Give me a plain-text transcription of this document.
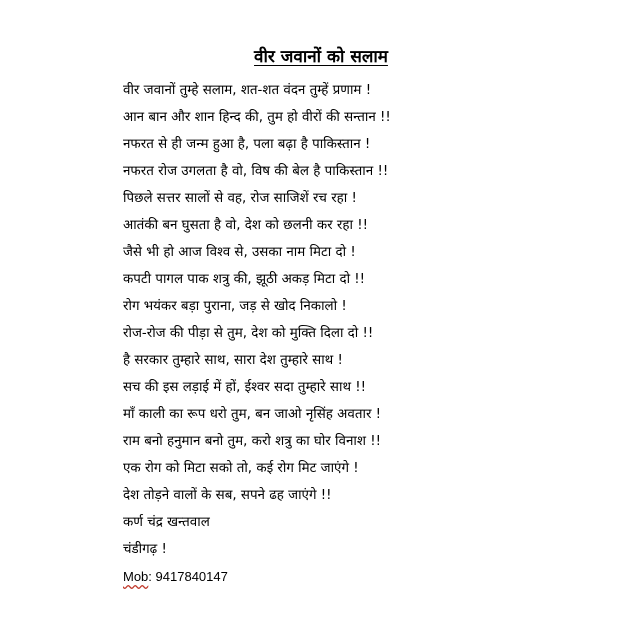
वीर जवानों को सलाम
वीर जवानों तुम्हे सलाम, शत-शत वंदन तुम्हें प्रणाम !
आन बान और शान हिन्द की, तुम हो वीरों की सन्तान !!
नफरत से ही जन्म हुआ है, पला बढ़ा है पाकिस्तान !
नफरत रोज उगलता है वो, विष की बेल है पाकिस्तान !!
पिछले सत्तर सालों से वह, रोज साजिशें रच रहा !
आतंकी बन घुसता है वो, देश को छलनी कर रहा !!
जैसे भी हो आज विश्व से, उसका नाम मिटा दो !
कपटी पागल पाक शत्रु की, झूठी अकड़ मिटा दो !!
रोग भयंकर बड़ा पुराना, जड़ से खोद निकालो !
रोज-रोज की पीड़ा से तुम, देश को मुक्ति दिला दो !!
है सरकार तुम्हारे साथ, सारा देश तुम्हारे साथ !
सच की इस लड़ाई में हों, ईश्वर सदा तुम्हारे साथ !!
माँ काली का रूप धरो तुम, बन जाओ नृसिंह अवतार !
राम बनो हनुमान बनो तुम, करो शत्रु का घोर विनाश !!
एक रोग को मिटा सको तो, कई रोग मिट जाएंगे !
देश तोड़ने वालों के सब, सपने ढह जाएंगे !!
कर्ण चंद्र खन्तवाल
चंडीगढ़ !
Mob: 9417840147
